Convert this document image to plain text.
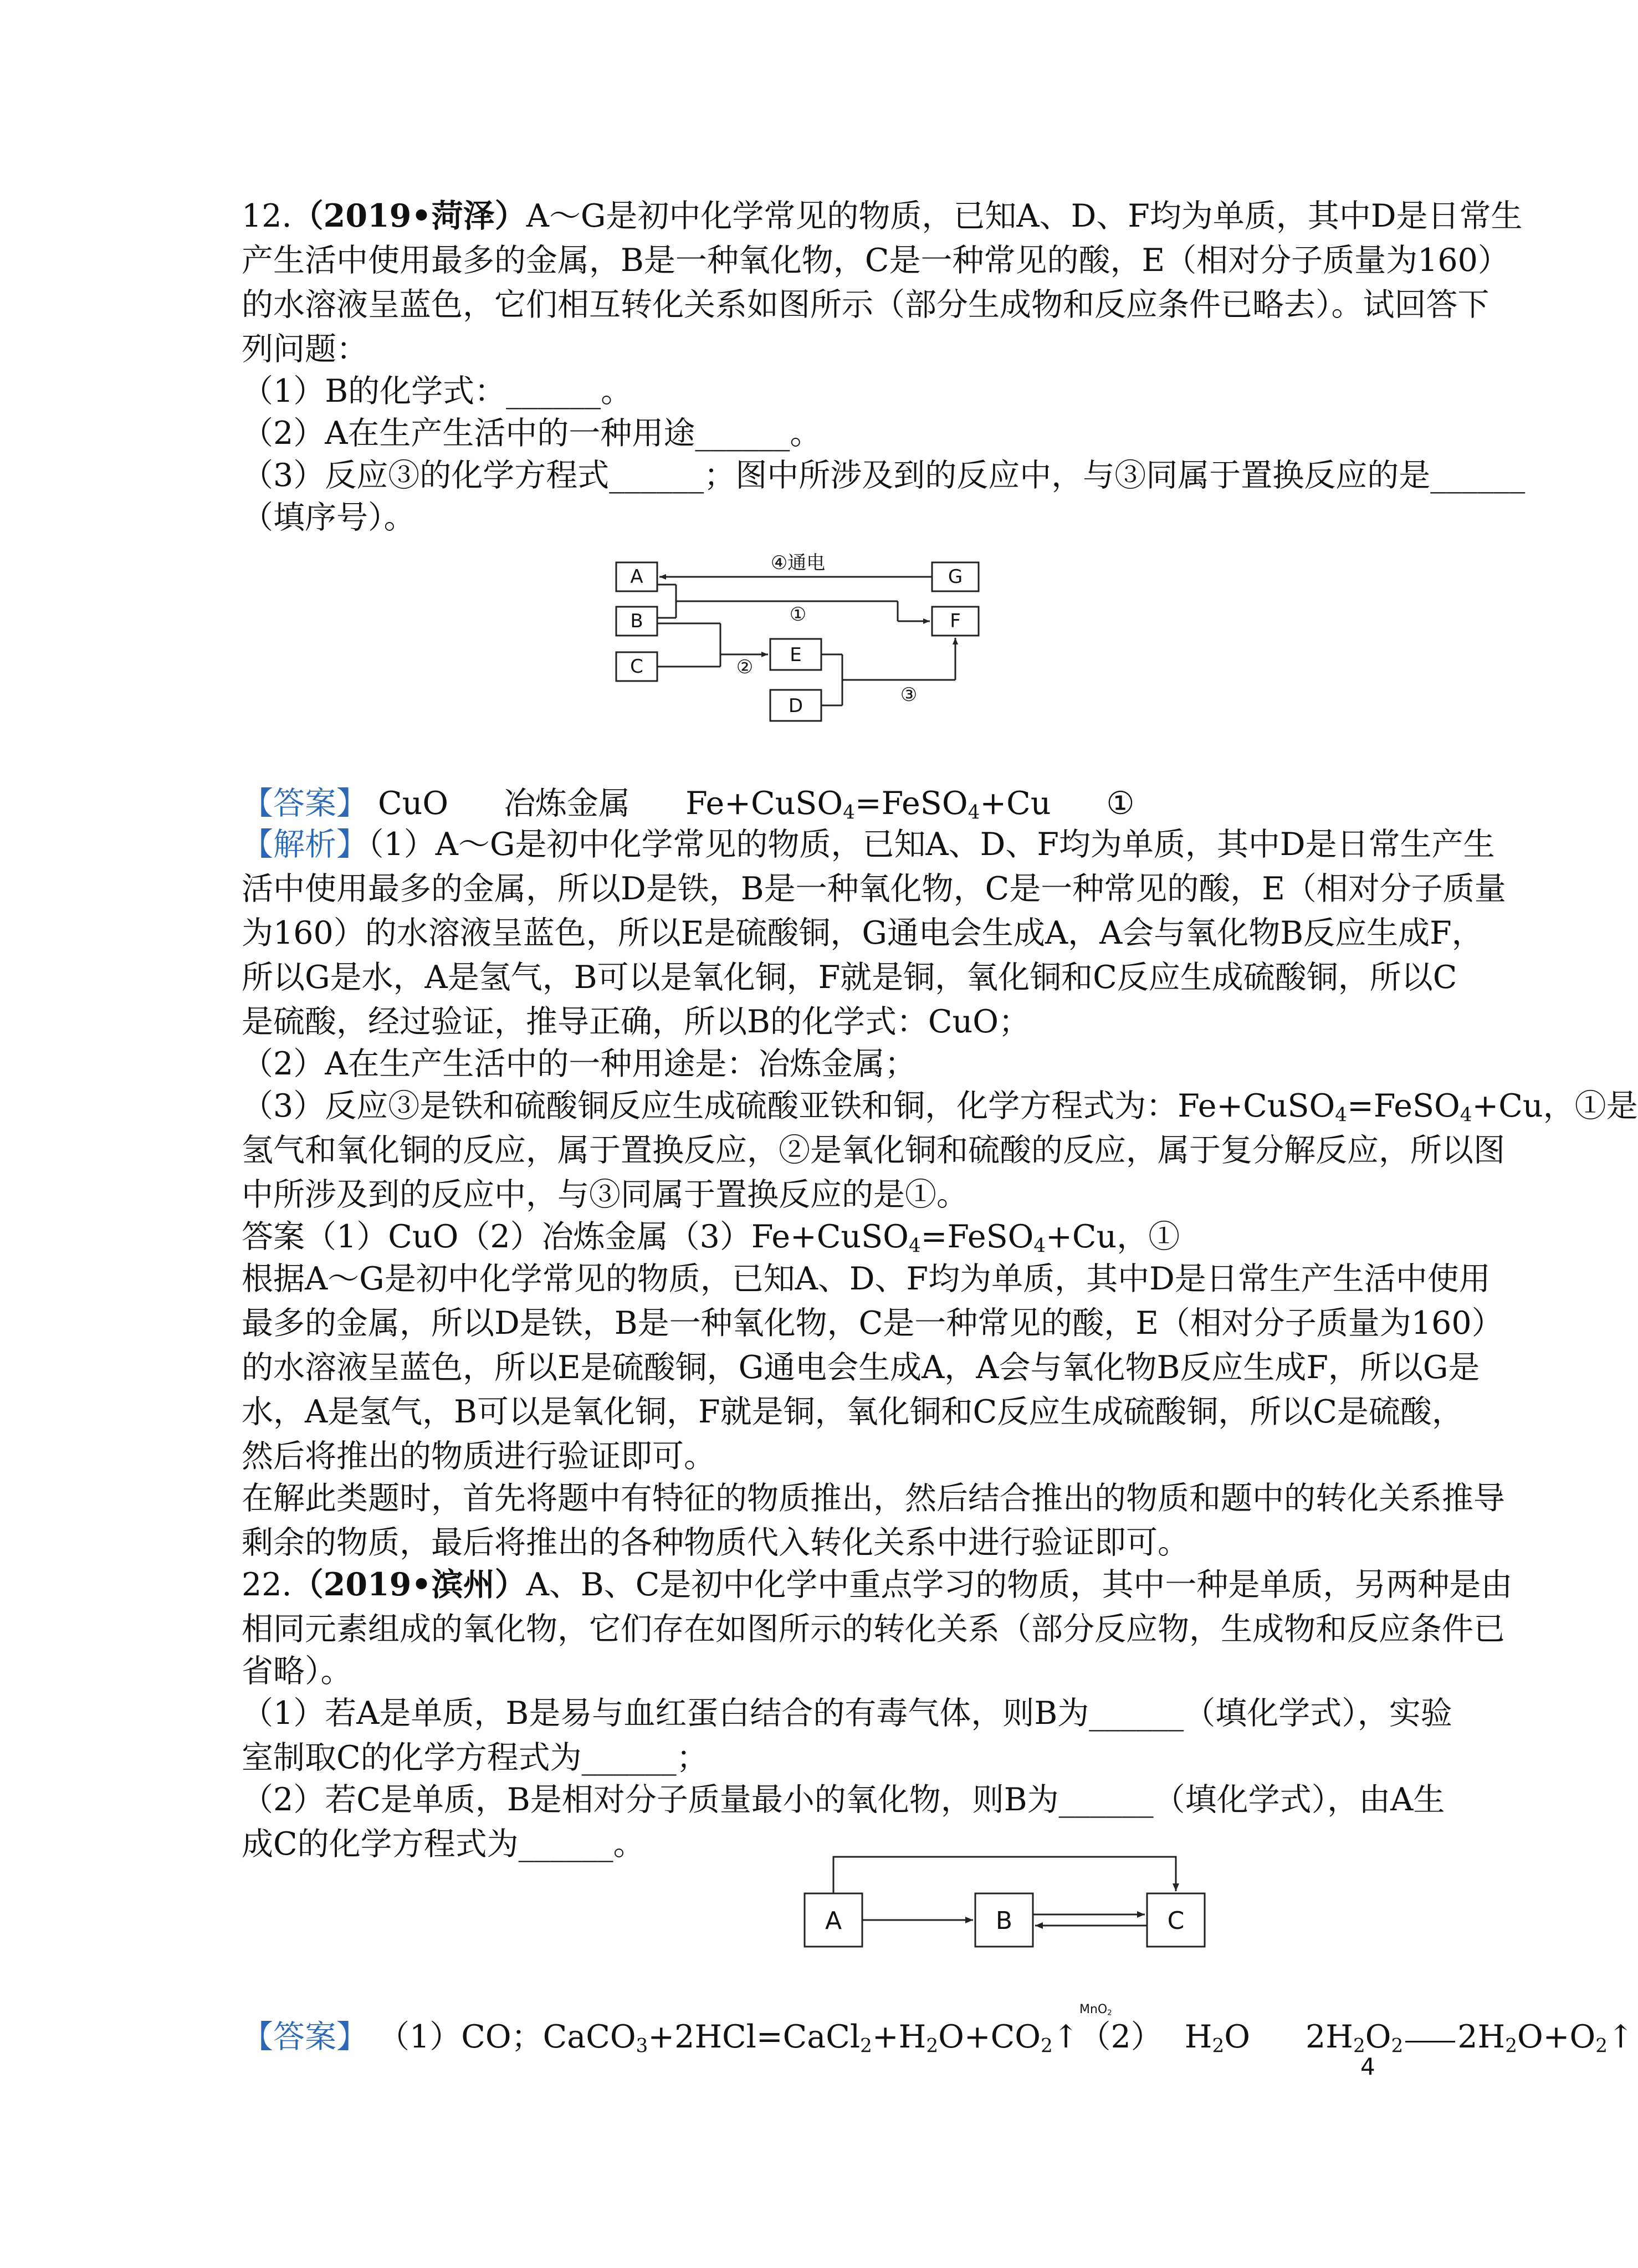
12.（2019•菏泽）A～G是初中化学常见的物质，已知A、D、F均为单质，其中D是日常生
产生活中使用最多的金属，B是一种氧化物，C是一种常见的酸，E（相对分子质量为160）
的水溶液呈蓝色，它们相互转化关系如图所示（部分生成物和反应条件已略去）。试回答下
列问题：
（1）B的化学式：______。
（2）A在生产生活中的一种用途______。
（3）反应③的化学方程式______；图中所涉及到的反应中，与③同属于置换反应的是______
（填序号）。
A
B
C
G
F
E
D
④通电
①
②
③
【答案】 CuO 冶炼金属 Fe+CuSO$_4$=FeSO$_4$+Cu ①
【解析】（1）A～G是初中化学常见的物质，已知A、D、F均为单质，其中D是日常生产生
活中使用最多的金属，所以D是铁，B是一种氧化物，C是一种常见的酸，E（相对分子质量
为160）的水溶液呈蓝色，所以E是硫酸铜，G通电会生成A，A会与氧化物B反应生成F，
所以G是水，A是氢气，B可以是氧化铜，F就是铜，氧化铜和C反应生成硫酸铜，所以C
是硫酸，经过验证，推导正确，所以B的化学式：CuO；
（2）A在生产生活中的一种用途是：冶炼金属；
（3）反应③是铁和硫酸铜反应生成硫酸亚铁和铜，化学方程式为：Fe+CuSO$_4$=FeSO$_4$+Cu，①是
氢气和氧化铜的反应，属于置换反应，②是氧化铜和硫酸的反应，属于复分解反应，所以图
中所涉及到的反应中，与③同属于置换反应的是①。
答案（1）CuO（2）冶炼金属（3）Fe+CuSO$_4$=FeSO$_4$+Cu，①
根据A～G是初中化学常见的物质，已知A、D、F均为单质，其中D是日常生产生活中使用
最多的金属，所以D是铁，B是一种氧化物，C是一种常见的酸，E（相对分子质量为160）
的水溶液呈蓝色，所以E是硫酸铜，G通电会生成A，A会与氧化物B反应生成F，所以G是
水，A是氢气，B可以是氧化铜，F就是铜，氧化铜和C反应生成硫酸铜，所以C是硫酸，
然后将推出的物质进行验证即可。
在解此类题时，首先将题中有特征的物质推出，然后结合推出的物质和题中的转化关系推导
剩余的物质，最后将推出的各种物质代入转化关系中进行验证即可。
22.（2019•滨州）A、B、C是初中化学中重点学习的物质，其中一种是单质，另两种是由
相同元素组成的氧化物，它们存在如图所示的转化关系（部分反应物，生成物和反应条件已
省略）。
（1）若A是单质，B是易与血红蛋白结合的有毒气体，则B为______（填化学式），实验
室制取C的化学方程式为______；
（2）若C是单质，B是相对分子质量最小的氧化物，则B为______（填化学式），由A生
成C的化学方程式为______。
A	B	C
MnO$_2$
【答案】 （1）CO；$CaCO_3+2HCl=CaCl_2+H_2O+CO_2↑(2)$ $H_2O$ $2H_2O_2$ $2H_2O+O_2↑$
4
